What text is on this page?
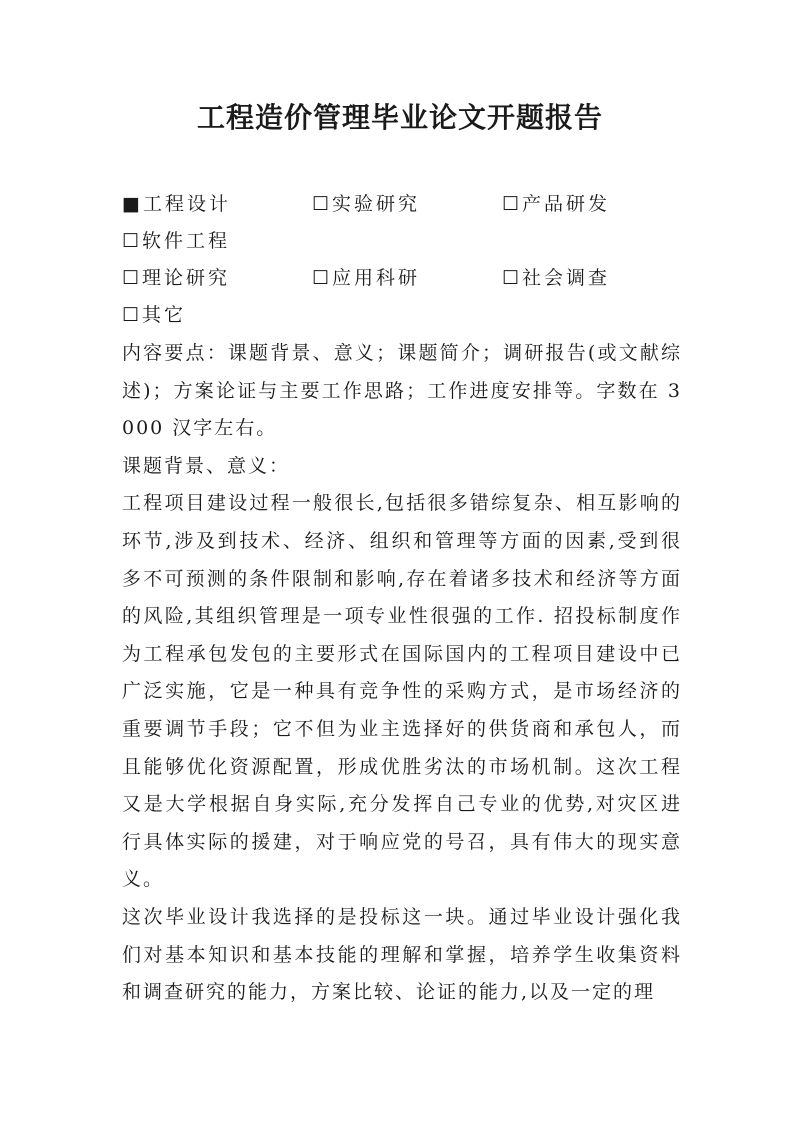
工程造价管理毕业论文开题报告
■工程设计	☐实验研究	☐产品研发
☐软件工程
☐理论研究	☐应用科研	☐社会调查
☐其它

内容要点：课题背景、意义；课题简介；调研报告(或文献综述)；方案论证与主要工作思路；工作进度安排等。字数在 3000 汉字左右。

课题背景、意义：

工程项目建设过程一般很长,包括很多错综复杂、相互影响的环节,涉及到技术、经济、组织和管理等方面的因素,受到很多不可预测的条件限制和影响,存在着诸多技术和经济等方面的风险,其组织管理是一项专业性很强的工作. 招投标制度作为工程承包发包的主要形式在国际国内的工程项目建设中已广泛实施，它是一种具有竞争性的采购方式，是市场经济的重要调节手段；它不但为业主选择好的供货商和承包人，而且能够优化资源配置，形成优胜劣汰的市场机制。这次工程又是大学根据自身实际,充分发挥自己专业的优势,对灾区进行具体实际的援建，对于响应党的号召，具有伟大的现实意义。

这次毕业设计我选择的是投标这一块。通过毕业设计强化我们对基本知识和基本技能的理解和掌握，培养学生收集资料和调查研究的能力，方案比较、论证的能力,以及一定的理
